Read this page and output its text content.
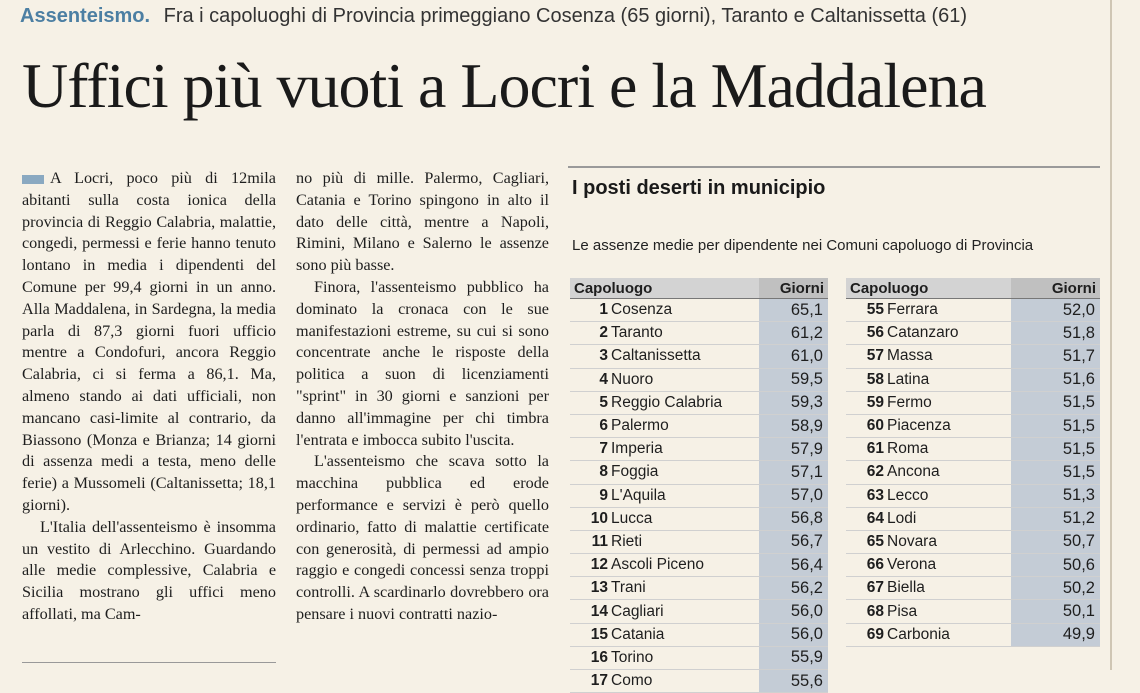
Assenteismo. Fra i capoluoghi di Provincia primeggiano Cosenza (65 giorni), Taranto e Caltanissetta (61)
Uffici più vuoti a Locri e la Maddalena

A Locri, poco più di 12mila abitanti sulla costa ionica della provincia di Reggio Calabria, malattie, congedi, permessi e ferie hanno tenuto lontano in media i dipendenti del Comune per 99,4 giorni in un anno. Alla Maddalena, in Sardegna, la media parla di 87,3 giorni fuori ufficio mentre a Condofuri, ancora Reggio Calabria, ci si ferma a 86,1. Ma, almeno stando ai dati ufficiali, non mancano casi-limite al contrario, da Biassono (Monza e Brianza; 14 giorni di assenza medi a testa, meno delle ferie) a Mussomeli (Caltanissetta; 18,1 giorni).

L'Italia dell'assenteismo è insomma un vestito di Arlecchino. Guardando alle medie complessive, Calabria e Sicilia mostrano gli uffici meno affollati, ma Cam-

no più di mille. Palermo, Cagliari, Catania e Torino spingono in alto il dato delle città, mentre a Napoli, Rimini, Milano e Salerno le assenze sono più basse.

Finora, l'assenteismo pubblico ha dominato la cronaca con le sue manifestazioni estreme, su cui si sono concentrate anche le risposte della politica a suon di licenziamenti "sprint" in 30 giorni e sanzioni per danno all'immagine per chi timbra l'entrata e imbocca subito l'uscita.

L'assenteismo che scava sotto la macchina pubblica ed erode performance e servizi è però quello ordinario, fatto di malattie certificate con generosità, di permessi ad ampio raggio e congedi concessi senza troppi controlli. A scardinarlo dovrebbero ora pensare i nuovi contratti nazio-

I posti deserti in municipio
Le assenze medie per dipendente nei Comuni capoluogo di Provincia
Capoluogo		Giorni
1	Cosenza	65,1
2	Taranto	61,2
3	Caltanissetta	61,0
4	Nuoro	59,5
5	Reggio Calabria	59,3
6	Palermo	58,9
7	Imperia	57,9
8	Foggia	57,1
9	L'Aquila	57,0
10	Lucca	56,8
11	Rieti	56,7
12	Ascoli Piceno	56,4
13	Trani	56,2
14	Cagliari	56,0
15	Catania	56,0
16	Torino	55,9
17	Como	55,6
Capoluogo		Giorni
55	Ferrara	52,0
56	Catanzaro	51,8
57	Massa	51,7
58	Latina	51,6
59	Fermo	51,5
60	Piacenza	51,5
61	Roma	51,5
62	Ancona	51,5
63	Lecco	51,3
64	Lodi	51,2
65	Novara	50,7
66	Verona	50,6
67	Biella	50,2
68	Pisa	50,1
69	Carbonia	49,9
